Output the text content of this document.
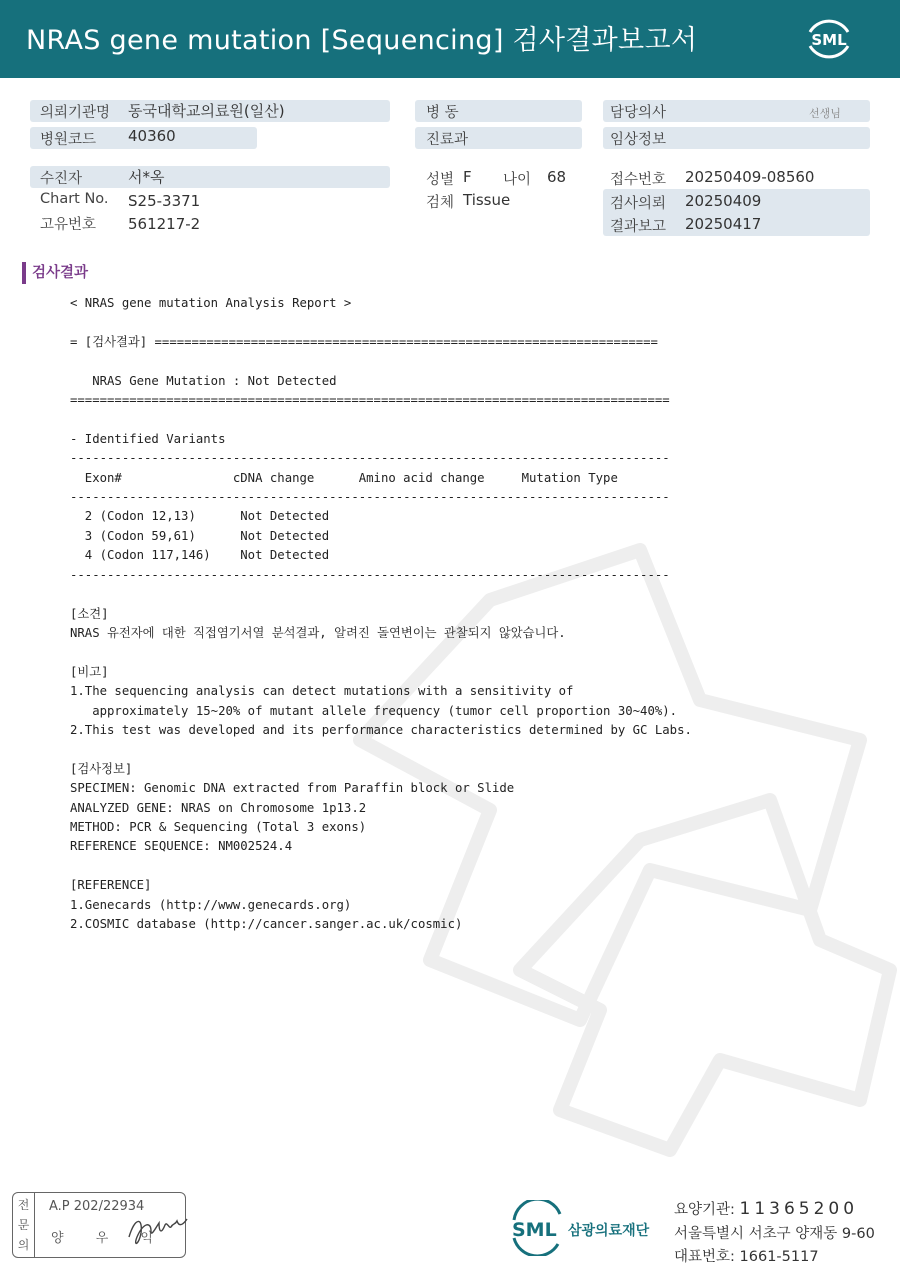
NRAS gene mutation [Sequencing] 검사결과보고서	SML
의뢰기관명 동국대학교의료원(일산)	병 동	담당의사	선생님
병원코드 40360	진료과	임상정보
수진자	서*옥
Chart No. S25-3371
고유번호 561217-2
성별 F 나이 68
검체 Tissue
접수번호 20250409-08560
검사의뢰 20250409
결과보고 20250417
검사결과
< NRAS gene mutation Analysis Report >

= [검사결과] ====================================================================

NRAS Gene Mutation : Not Detected
=================================================================================

- Identified Variants
---------------------------------------------------------------------------------
Exon#               cDNA change      Amino acid change     Mutation Type
---------------------------------------------------------------------------------
2 (Codon 12,13)      Not Detected
3 (Codon 59,61)      Not Detected
4 (Codon 117,146)    Not Detected
---------------------------------------------------------------------------------

[소견]
NRAS 유전자에 대한 직접염기서열 분석결과, 알려진 돌연변이는 관찰되지 않았습니다.

[비고]
1.The sequencing analysis can detect mutations with a sensitivity of
approximately 15~20% of mutant allele frequency (tumor cell proportion 30~40%).
2.This test was developed and its performance characteristics determined by GC Labs.

[검사정보]
SPECIMEN: Genomic DNA extracted from Paraffin block or Slide
ANALYZED GENE: NRAS on Chromosome 1p13.2
METHOD: PCR & Sequencing (Total 3 exons)
REFERENCE SEQUENCE: NM002524.4

[REFERENCE]
1.Genecards (http://www.genecards.org)
2.COSMIC database (http://cancer.sanger.ac.uk/cosmic)
전
문
의
A.P 202/22934
양 우 익	SML 삼광의료재단
요양기관: 11365200
서울특별시 서초구 양재동 9-60
대표번호: 1661-5117
